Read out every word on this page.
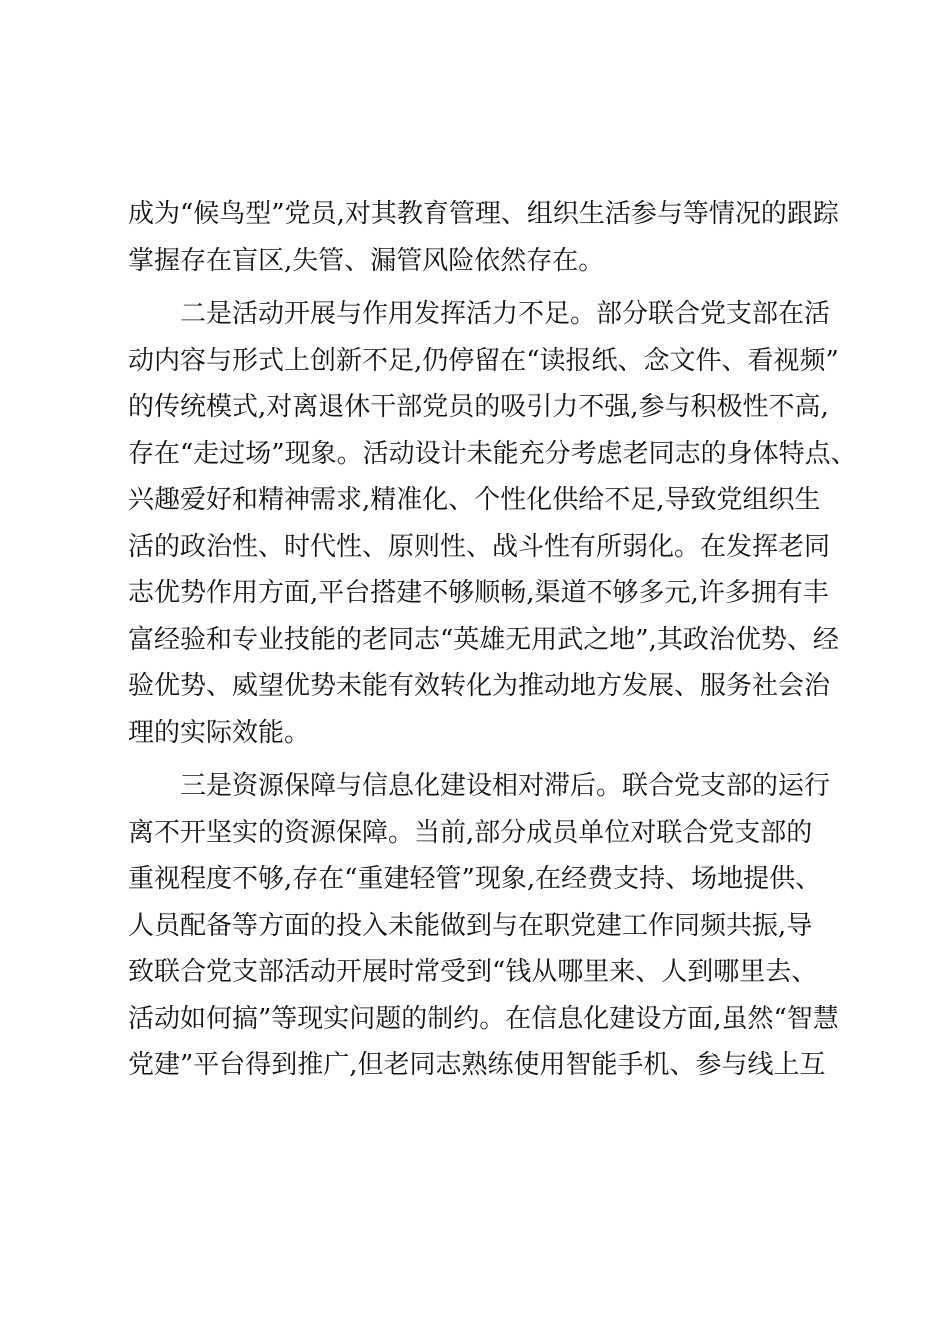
成为“候鸟型”党员,对其教育管理、组织生活参与等情况的跟踪
掌握存在盲区,失管、漏管风险依然存在。
二是活动开展与作用发挥活力不足。部分联合党支部在活
动内容与形式上创新不足,仍停留在“读报纸、念文件、看视频”
的传统模式,对离退休干部党员的吸引力不强,参与积极性不高,
存在“走过场”现象。活动设计未能充分考虑老同志的身体特点、
兴趣爱好和精神需求,精准化、个性化供给不足,导致党组织生
活的政治性、时代性、原则性、战斗性有所弱化。在发挥老同
志优势作用方面,平台搭建不够顺畅,渠道不够多元,许多拥有丰
富经验和专业技能的老同志“英雄无用武之地”,其政治优势、经
验优势、威望优势未能有效转化为推动地方发展、服务社会治
理的实际效能。
三是资源保障与信息化建设相对滞后。联合党支部的运行
离不开坚实的资源保障。当前,部分成员单位对联合党支部的
重视程度不够,存在“重建轻管”现象,在经费支持、场地提供、
人员配备等方面的投入未能做到与在职党建工作同频共振,导
致联合党支部活动开展时常受到“钱从哪里来、人到哪里去、
活动如何搞”等现实问题的制约。在信息化建设方面,虽然“智慧
党建”平台得到推广,但老同志熟练使用智能手机、参与线上互
